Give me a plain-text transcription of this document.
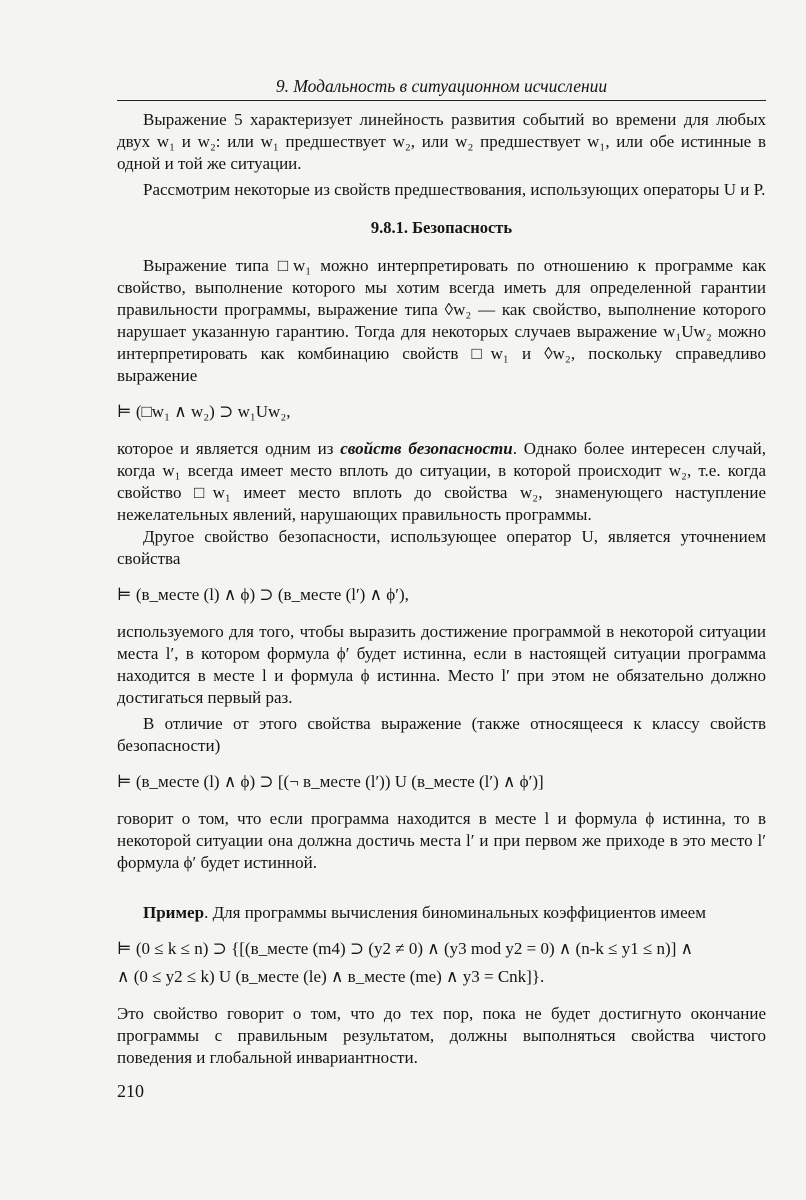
9. Модальность в ситуационном исчислении

Выражение 5 характеризует линейность развития событий во времени для любых двух w₁ и w₂: или w₁ предшествует w₂, или w₂ предшествует w₁, или обе истинные в одной и той же ситуации.

Рассмотрим некоторые из свойств предшествования, использующих операторы U и P.

9.8.1. Безопасность

Выражение типа □w₁ можно интерпретировать по отношению к программе как свойство, выполнение которого мы хотим всегда иметь для определенной гарантии правильности программы, выражение типа ◊w₂ — как свойство, выполнение которого нарушает указанную гарантию. Тогда для некоторых случаев выражение w₁Uw₂ можно интерпретировать как комбинацию свойств □w₁ и ◊w₂, поскольку справедливо выражение

⊨ (□w₁ ∧ w₂) ⊃ w₁Uw₂,

которое и является одним из свойств безопасности. Однако более интересен случай, когда w₁ всегда имеет место вплоть до ситуации, в которой происходит w₂, т.е. когда свойство □w₁ имеет место вплоть до свойства w₂, знаменующего наступление нежелательных явлений, нарушающих правильность программы.

Другое свойство безопасности, использующее оператор U, является уточнением свойства

⊨ (в_месте (l) ∧ ϕ) ⊃ (в_месте (l′) ∧ ϕ′),

используемого для того, чтобы выразить достижение программой в некоторой ситуации места l′, в котором формула ϕ′ будет истинна, если в настоящей ситуации программа находится в месте l и формула ϕ истинна. Место l′ при этом не обязательно должно достигаться первый раз.

В отличие от этого свойства выражение (также относящееся к классу свойств безопасности)

⊨ (в_месте (l) ∧ ϕ) ⊃ [(¬ в_месте (l′)) U (в_месте (l′) ∧ ϕ′)]

говорит о том, что если программа находится в месте l и формула ϕ истинна, то в некоторой ситуации она должна достичь места l′ и при первом же приходе в это место l′ формула ϕ′ будет истинной.

Пример. Для программы вычисления биноминальных коэффициентов имеем

⊨ (0 ≤ k ≤ n) ⊃ {[(в_месте (m4) ⊃ (y2 ≠ 0) ∧ (y3 mod y2 = 0) ∧ (n-k ≤ y1 ≤ n)] ∧
∧ (0 ≤ y2 ≤ k) U (в_месте (le) ∧ в_месте (me) ∧ y3 = Cnk]}.

Это свойство говорит о том, что до тех пор, пока не будет достигнуто окончание программы с правильным результатом, должны выполняться свойства чистого поведения и глобальной инвариантности.

210
